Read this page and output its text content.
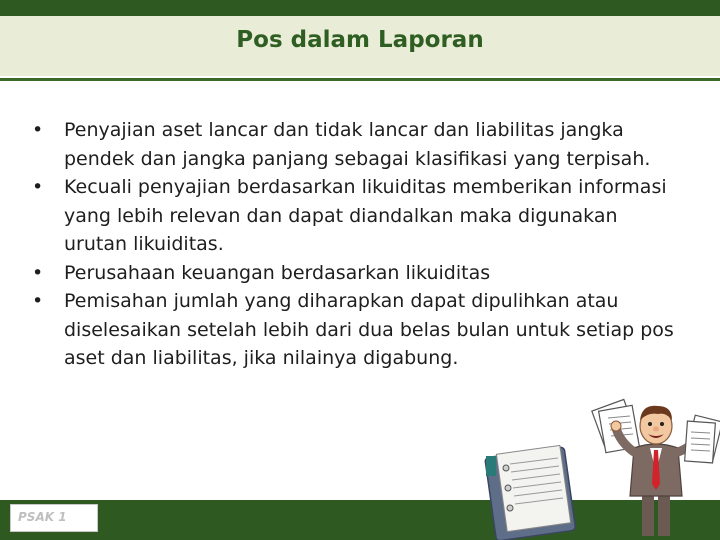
Pos dalam Laporan
• Penyajian aset lancar dan tidak lancar dan liabilitas jangka pendek dan jangka panjang sebagai klasifikasi yang terpisah.
• Kecuali penyajian berdasarkan likuiditas memberikan informasi yang lebih relevan dan dapat diandalkan maka digunakan urutan likuiditas.
• Perusahaan keuangan berdasarkan likuiditas
• Pemisahan jumlah yang diharapkan dapat dipulihkan atau diselesaikan setelah lebih dari dua belas bulan untuk setiap pos aset dan liabilitas, jika nilainya digabung.
PSAK 1
